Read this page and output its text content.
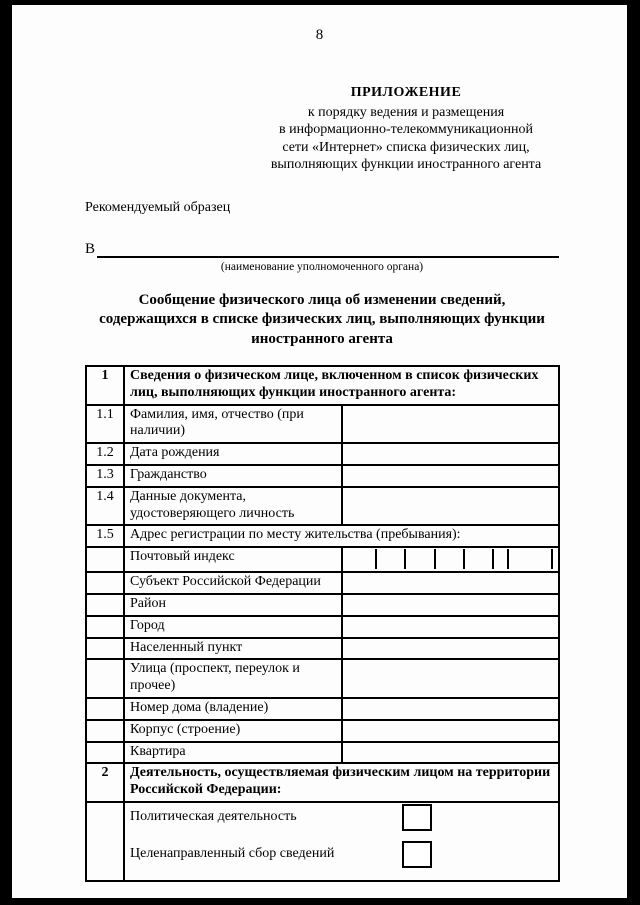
8
ПРИЛОЖЕНИЕ
к порядку ведения и размещения
в информационно-телекоммуникационной
сети «Интернет» списка физических лиц,
выполняющих функции иностранного агента
Рекомендуемый образец
В
(наименование уполномоченного органа)
Сообщение физического лица об изменении сведений,
содержащихся в списке физических лиц, выполняющих функции
иностранного агента
1	Сведения о физическом лице, включенном в список физических лиц, выполняющих функции иностранного агента:	
1.1	Фамилия, имя, отчество (при наличии)	
1.2	Дата рождения	
1.3	Гражданство	
1.4	Данные документа, удостоверяющего личность	
1.5	Адрес регистрации по месту жительства (пребывания):	
	Почтовый индекс	

	Субъект Российской Федерации	
	Район	
	Город	
	Населенный пункт	
	Улица (проспект, переулок и прочее)	
	Номер дома (владение)	
	Корпус (строение)	
	Квартира	
2	Деятельность, осуществляемая физическим лицом на территории Российской Федерации:	

	Политическая деятельность
Целенаправленный сбор сведений	
